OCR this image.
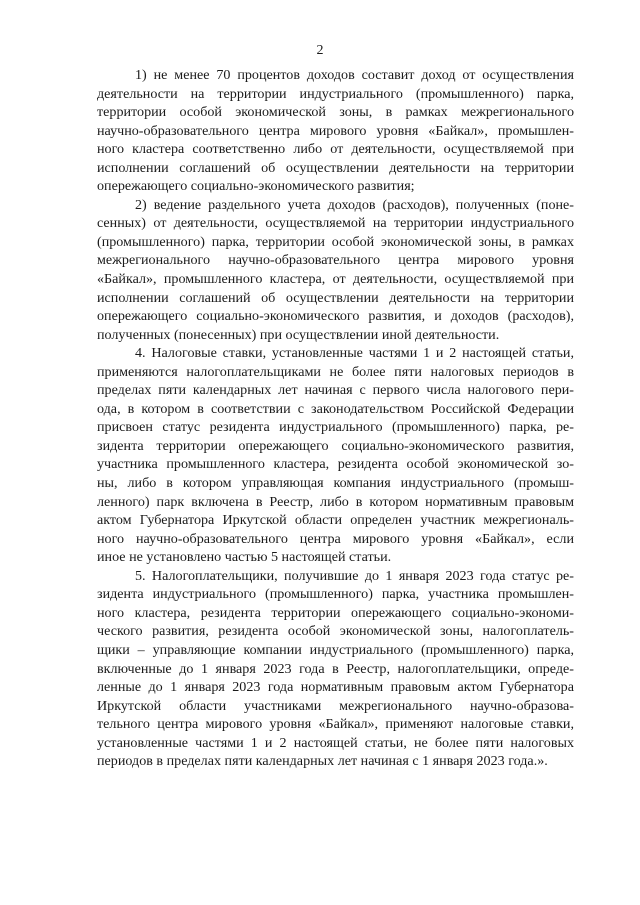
2
1) не менее 70 процентов доходов составит доход от осуществления
деятельности на территории индустриального (промышленного) парка,
территории особой экономической зоны, в рамках межрегионального
научно-образовательного центра мирового уровня «Байкал», промышлен-
ного кластера соответственно либо от деятельности, осуществляемой при
исполнении соглашений об осуществлении деятельности на территории
опережающего социально-экономического развития;
2) ведение раздельного учета доходов (расходов), полученных (поне-
сенных) от деятельности, осуществляемой на территории индустриального
(промышленного) парка, территории особой экономической зоны, в рамках
межрегионального научно-образовательного центра мирового уровня
«Байкал», промышленного кластера, от деятельности, осуществляемой при
исполнении соглашений об осуществлении деятельности на территории
опережающего социально-экономического развития, и доходов (расходов),
полученных (понесенных) при осуществлении иной деятельности.
4. Налоговые ставки, установленные частями 1 и 2 настоящей статьи,
применяются налогоплательщиками не более пяти налоговых периодов в
пределах пяти календарных лет начиная с первого числа налогового пери-
ода, в котором в соответствии с законодательством Российской Федерации
присвоен статус резидента индустриального (промышленного) парка, ре-
зидента территории опережающего социально-экономического развития,
участника промышленного кластера, резидента особой экономической зо-
ны, либо в котором управляющая компания индустриального (промыш-
ленного) парк включена в Реестр, либо в котором нормативным правовым
актом Губернатора Иркутской области определен участник межрегиональ-
ного научно-образовательного центра мирового уровня «Байкал», если
иное не установлено частью 5 настоящей статьи.
5. Налогоплательщики, получившие до 1 января 2023 года статус ре-
зидента индустриального (промышленного) парка, участника промышлен-
ного кластера, резидента территории опережающего социально-экономи-
ческого развития, резидента особой экономической зоны, налогоплатель-
щики – управляющие компании индустриального (промышленного) парка,
включенные до 1 января 2023 года в Реестр, налогоплательщики, опреде-
ленные до 1 января 2023 года нормативным правовым актом Губернатора
Иркутской области участниками межрегионального научно-образова-
тельного центра мирового уровня «Байкал», применяют налоговые ставки,
установленные частями 1 и 2 настоящей статьи, не более пяти налоговых
периодов в пределах пяти календарных лет начиная с 1 января 2023 года.».
